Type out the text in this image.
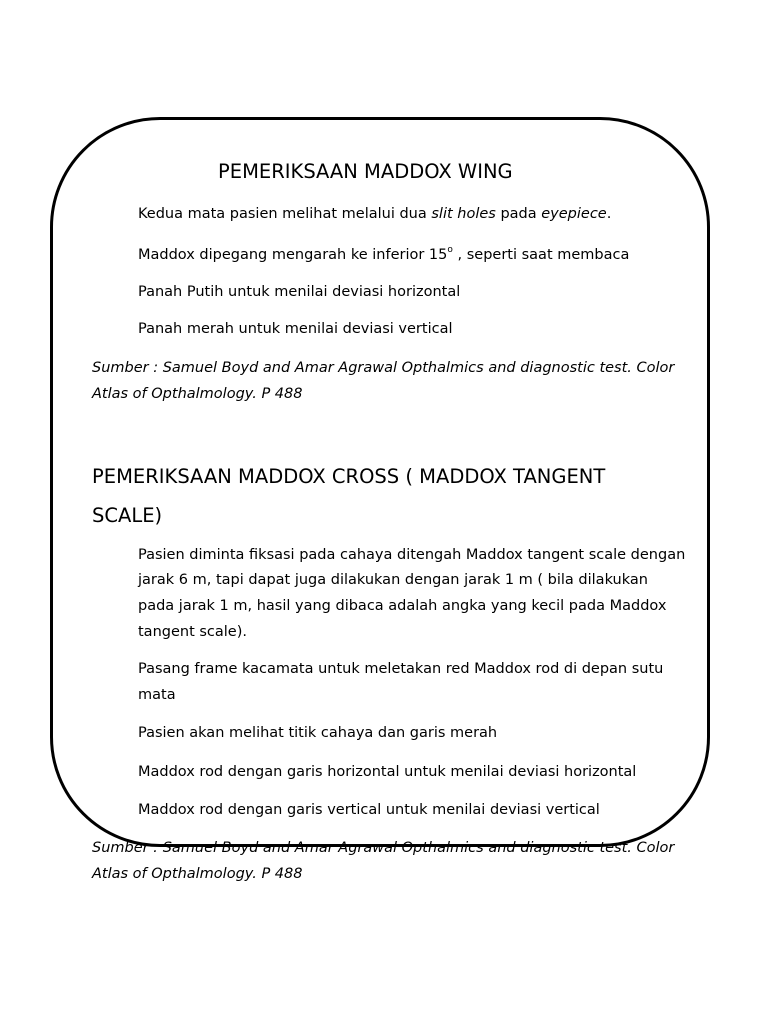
PEMERIKSAAN MADDOX WING

Kedua mata pasien melihat melalui dua slit holes pada eyepiece.

Maddox dipegang mengarah ke inferior 15$^o$ , seperti saat membaca

Panah Putih untuk menilai deviasi horizontal

Panah merah untuk menilai deviasi vertical

Sumber : Samuel Boyd and Amar Agrawal Opthalmics and diagnostic test. Color

Atlas of Opthalmology. P 488

PEMERIKSAAN MADDOX CROSS ( MADDOX TANGENT
SCALE)

Pasien diminta fiksasi pada cahaya ditengah Maddox tangent scale dengan

jarak 6 m, tapi dapat juga dilakukan dengan jarak 1 m ( bila dilakukan

pada jarak 1 m, hasil yang dibaca adalah angka yang kecil pada Maddox

tangent scale).

Pasang frame kacamata untuk meletakan red Maddox rod di depan sutu

mata

Pasien akan melihat titik cahaya dan garis merah

Maddox rod dengan garis horizontal untuk menilai deviasi horizontal

Maddox rod dengan garis vertical untuk menilai deviasi vertical

Sumber : Samuel Boyd and Amar Agrawal Opthalmics and diagnostic test. Color

Atlas of Opthalmology. P 488
